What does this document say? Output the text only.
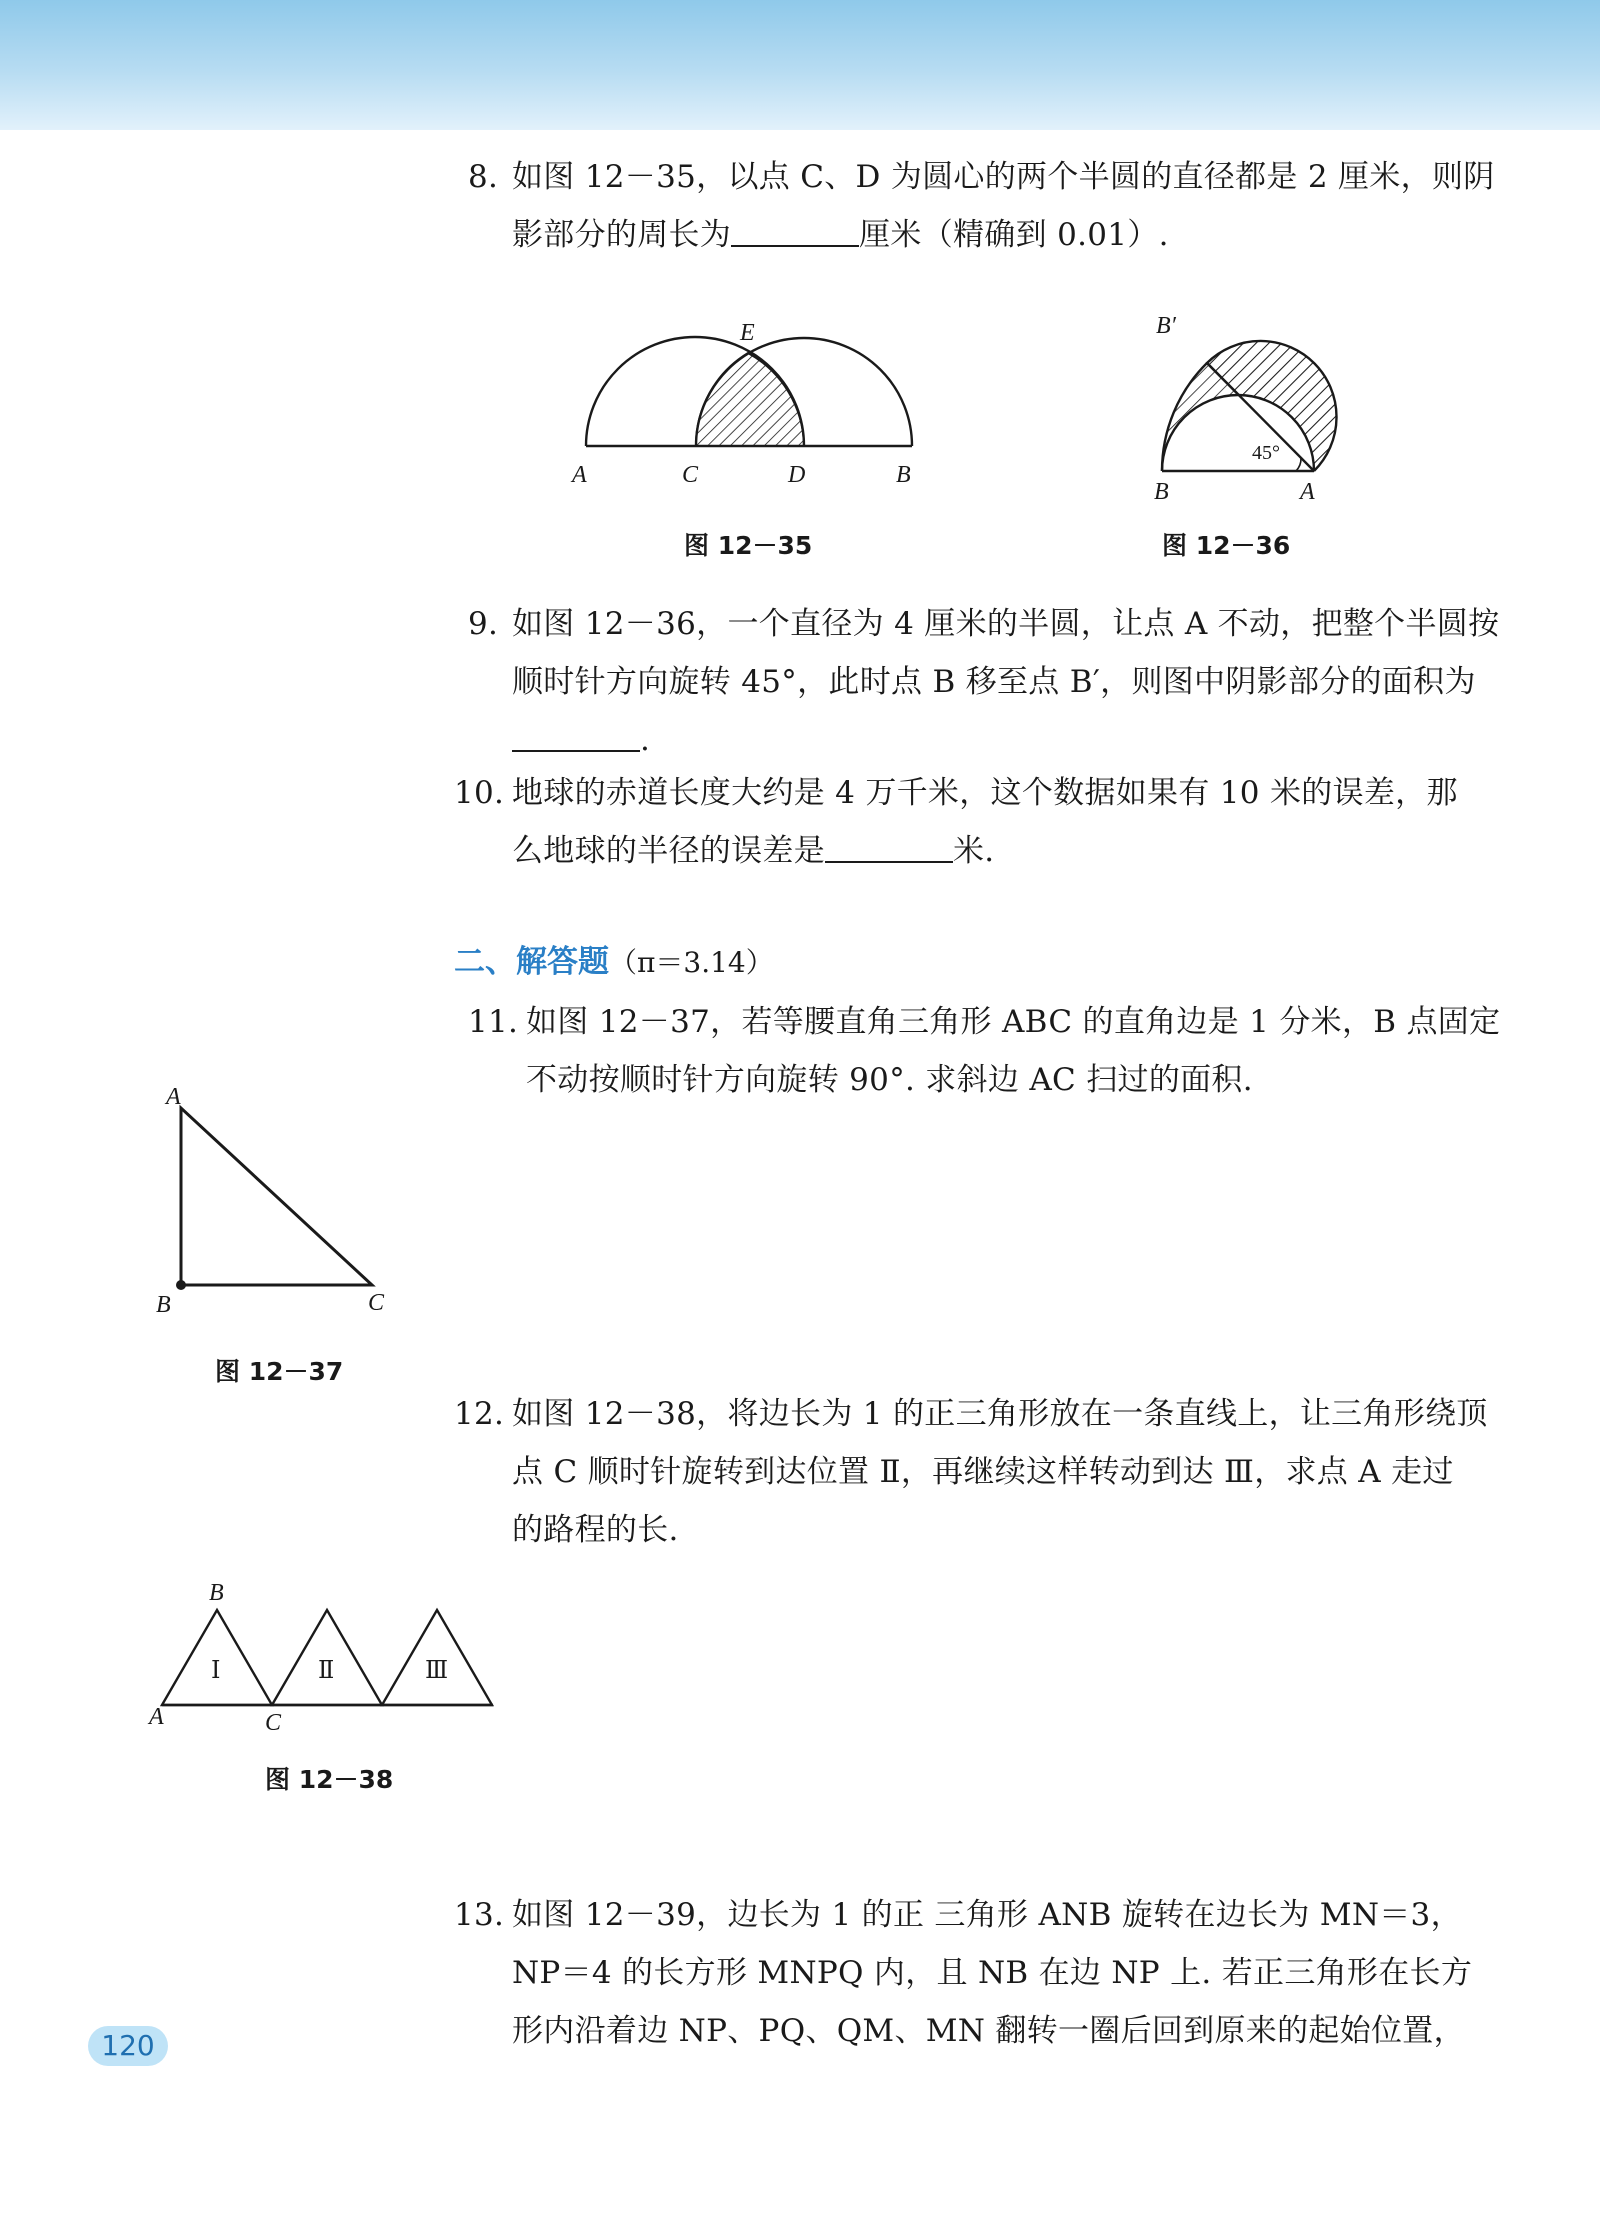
8. 如图 12－35，以点 C、D 为圆心的两个半圆的直径都是 2 厘米，则阴
影部分的周长为	厘米（精确到 0.01）.
A	C	D	B
E
图 12－35
45°
B	A
B′
图 12－36
9. 如图 12－36，一个直径为 4 厘米的半圆，让点 A 不动，把整个半圆按
顺时针方向旋转 45°，此时点 B 移至点 B′，则图中阴影部分的面积为
.
10. 地球的赤道长度大约是 4 万千米，这个数据如果有 10 米的误差，那
么地球的半径的误差是	米.
二、解答题（π＝3.14）
11. 如图 12－37，若等腰直角三角形 ABC 的直角边是 1 分米，B 点固定
不动按顺时针方向旋转 90°. 求斜边 AC 扫过的面积.
A
B	C
图 12－37
12. 如图 12－38，将边长为 1 的正三角形放在一条直线上，让三角形绕顶
点 C 顺时针旋转到达位置 Ⅱ，再继续这样转动到达 Ⅲ，求点 A 走过
的路程的长.
B
A	C
Ⅰ	Ⅱ	Ⅲ
图 12－38
13. 如图 12－39，边长为 1 的正 三角形 ANB 旋转在边长为 MN＝3，
NP＝4 的长方形 MNPQ 内，且 NB 在边 NP 上. 若正三角形在长方
形内沿着边 NP、PQ、QM、MN 翻转一圈后回到原来的起始位置，
120
